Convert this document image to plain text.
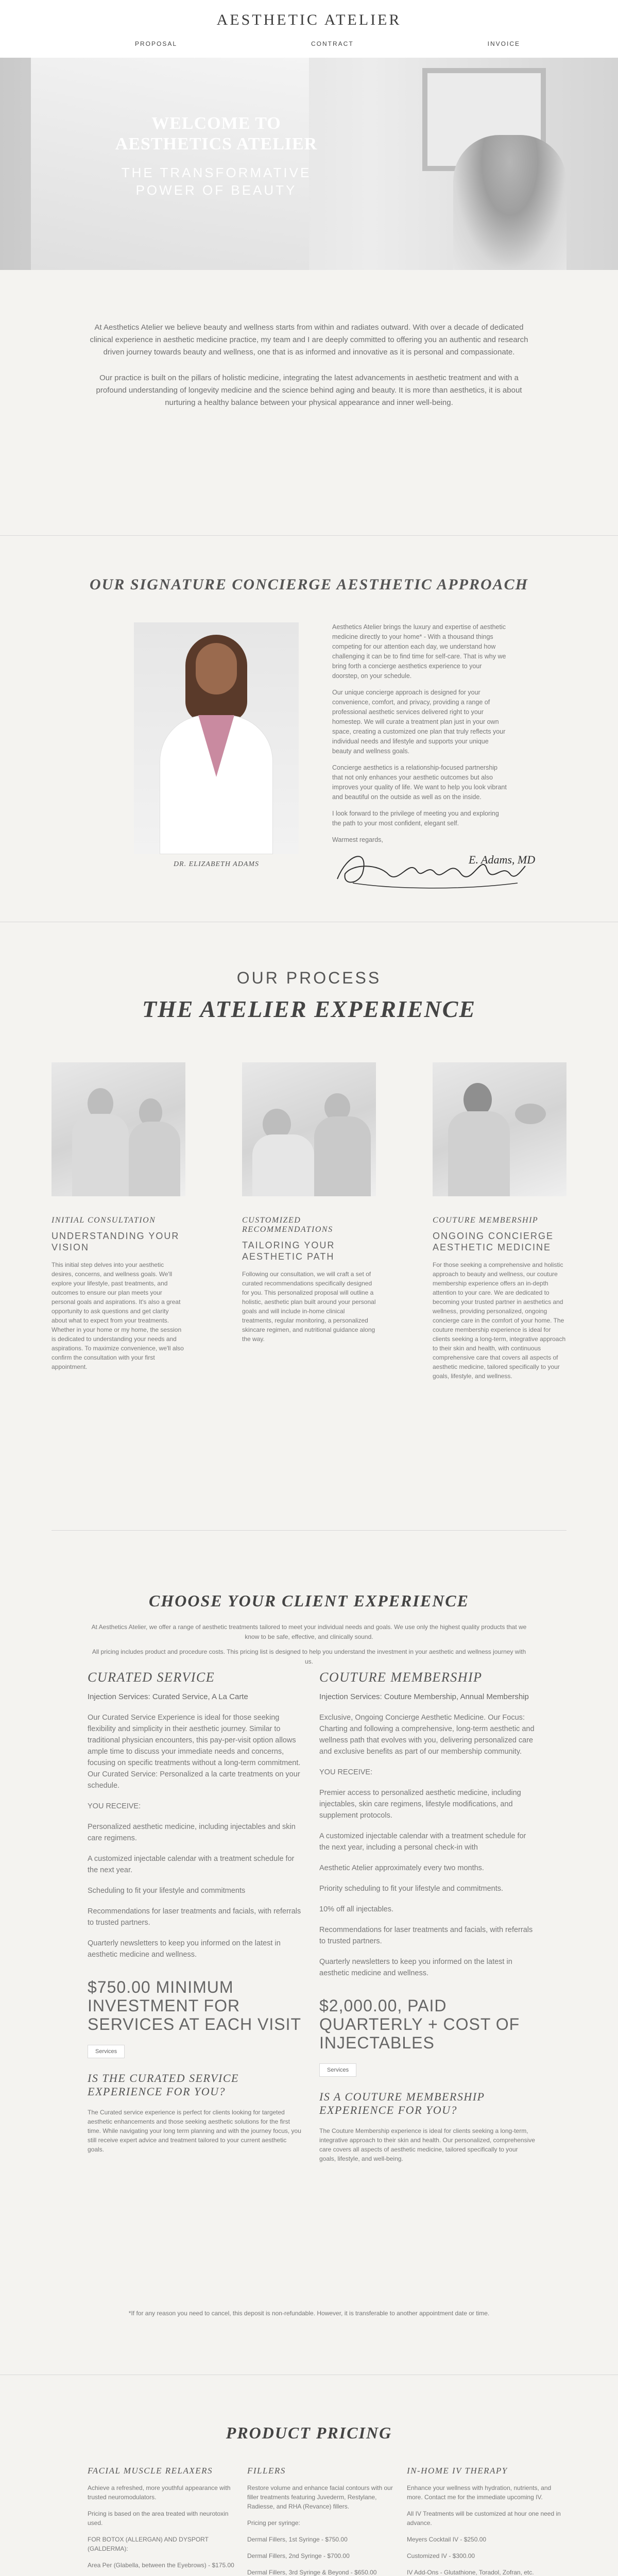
AESTHETIC ATELIER
PROPOSAL	CONTRACT	INVOICE
WELCOME TO AESTHETICS ATELIER
THE TRANSFORMATIVE POWER OF BEAUTY

At Aesthetics Atelier we believe beauty and wellness starts from within and radiates outward. With over a decade of dedicated clinical experience in aesthetic medicine practice, my team and I are deeply committed to offering you an authentic and research driven journey towards beauty and wellness, one that is as informed and innovative as it is personal and compassionate.

Our practice is built on the pillars of holistic medicine, integrating the latest advancements in aesthetic treatment and with a profound understanding of longevity medicine and the science behind aging and beauty. It is more than aesthetics, it is about nurturing a healthy balance between your physical appearance and inner well-being.

OUR SIGNATURE CONCIERGE AESTHETIC APPROACH
DR. ELIZABETH ADAMS

Aesthetics Atelier brings the luxury and expertise of aesthetic medicine directly to your home* - With a thousand things competing for our attention each day, we understand how challenging it can be to find time for self-care. That is why we bring forth a concierge aesthetics experience to your doorstep, on your schedule.

Our unique concierge approach is designed for your convenience, comfort, and privacy, providing a range of professional aesthetic services delivered right to your homestep. We will curate a treatment plan just in your own space, creating a customized one plan that truly reflects your individual needs and lifestyle and supports your unique beauty and wellness goals.

Concierge aesthetics is a relationship-focused partnership that not only enhances your aesthetic outcomes but also improves your quality of life. We want to help you look vibrant and beautiful on the outside as well as on the inside.

I look forward to the privilege of meeting you and exploring the path to your most confident, elegant self.

Warmest regards,

E. Adams, MD
OUR PROCESS
THE ATELIER EXPERIENCE
INITIAL CONSULTATION
UNDERSTANDING YOUR VISION
This initial step delves into your aesthetic desires, concerns, and wellness goals. We'll explore your lifestyle, past treatments, and outcomes to ensure our plan meets your personal goals and aspirations. It's also a great opportunity to ask questions and get clarity about what to expect from your treatments. Whether in your home or my home, the session is dedicated to understanding your needs and aspirations. To maximize convenience, we'll also confirm the consultation with your first appointment.
CUSTOMIZED RECOMMENDATIONS
TAILORING YOUR AESTHETIC PATH
Following our consultation, we will craft a set of curated recommendations specifically designed for you. This personalized proposal will outline a holistic, aesthetic plan built around your personal goals and will include in-home clinical treatments, regular monitoring, a personalized skincare regimen, and nutritional guidance along the way.
COUTURE MEMBERSHIP
ONGOING CONCIERGE AESTHETIC MEDICINE
For those seeking a comprehensive and holistic approach to beauty and wellness, our couture membership experience offers an in-depth attention to your care. We are dedicated to becoming your trusted partner in aesthetics and wellness, providing personalized, ongoing concierge care in the comfort of your home. The couture membership experience is ideal for clients seeking a long-term, integrative approach to their skin and health, with continuous comprehensive care that covers all aspects of aesthetic medicine, tailored specifically to your goals, lifestyle, and wellness.
CHOOSE YOUR CLIENT EXPERIENCE

At Aesthetics Atelier, we offer a range of aesthetic treatments tailored to meet your individual needs and goals. We use only the highest quality products that we know to be safe, effective, and clinically sound.

All pricing includes product and procedure costs. This pricing list is designed to help you understand the investment in your aesthetic and wellness journey with us.

CURATED SERVICE
Injection Services: Curated Service, A La Carte

Our Curated Service Experience is ideal for those seeking flexibility and simplicity in their aesthetic journey. Similar to traditional physician encounters, this pay-per-visit option allows ample time to discuss your immediate needs and concerns, focusing on specific treatments without a long-term commitment. Our Curated Service: Personalized a la carte treatments on your schedule.

YOU RECEIVE:

Personalized aesthetic medicine, including injectables and skin care regimens.

A customized injectable calendar with a treatment schedule for the next year.

Scheduling to fit your lifestyle and commitments

Recommendations for laser treatments and facials, with referrals to trusted partners.

Quarterly newsletters to keep you informed on the latest in aesthetic medicine and wellness.

$750.00 MINIMUM INVESTMENT FOR SERVICES AT EACH VISIT
Services
IS THE CURATED SERVICE EXPERIENCE FOR YOU?

The Curated service experience is perfect for clients looking for targeted aesthetic enhancements and those seeking aesthetic solutions for the first time. While navigating your long term planning and with the journey focus, you still receive expert advice and treatment tailored to your current aesthetic goals.

COUTURE MEMBERSHIP
Injection Services: Couture Membership, Annual Membership

Exclusive, Ongoing Concierge Aesthetic Medicine. Our Focus: Charting and following a comprehensive, long-term aesthetic and wellness path that evolves with you, delivering personalized care and exclusive benefits as part of our membership community.

YOU RECEIVE:

Premier access to personalized aesthetic medicine, including injectables, skin care regimens, lifestyle modifications, and supplement protocols.

A customized injectable calendar with a treatment schedule for the next year, including a personal check-in with

Aesthetic Atelier approximately every two months.

Priority scheduling to fit your lifestyle and commitments.

10% off all injectables.

Recommendations for laser treatments and facials, with referrals to trusted partners.

Quarterly newsletters to keep you informed on the latest in aesthetic medicine and wellness.

$2,000.00, PAID QUARTERLY + COST OF INJECTABLES
Services
IS A COUTURE MEMBERSHIP EXPERIENCE FOR YOU?

The Couture Membership experience is ideal for clients seeking a long-term, integrative approach to their skin and health. Our personalized, comprehensive care covers all aspects of aesthetic medicine, tailored specifically to your goals, lifestyle, and well-being.

*If for any reason you need to cancel, this deposit is non-refundable. However, it is transferable to another appointment date or time.
PRODUCT PRICING
FACIAL MUSCLE RELAXERS

Achieve a refreshed, more youthful appearance with trusted neuromodulators.

Pricing is based on the area treated with neurotoxin used.

FOR BOTOX (ALLERGAN) AND DYSPORT (GALDERMA):

Area Per (Glabella, between the Eyebrows) - $175.00

FILLERS

Restore volume and enhance facial contours with our filler treatments featuring Juvederm, Restylane, Radiesse, and RHA (Revance) fillers.

Pricing per syringe:

Dermal Fillers, 1st Syringe - $750.00

Dermal Fillers, 2nd Syringe - $700.00

Dermal Fillers, 3rd Syringe & Beyond - $650.00

IN-HOME IV THERAPY

Enhance your wellness with hydration, nutrients, and more. Contact me for the immediate upcoming IV.

All IV Treatments will be customized at hour one need in advance.

Meyers Cocktail IV - $250.00

Customized IV - $300.00

IV Add-Ons - Glutathione, Toradol, Zofran, etc.
